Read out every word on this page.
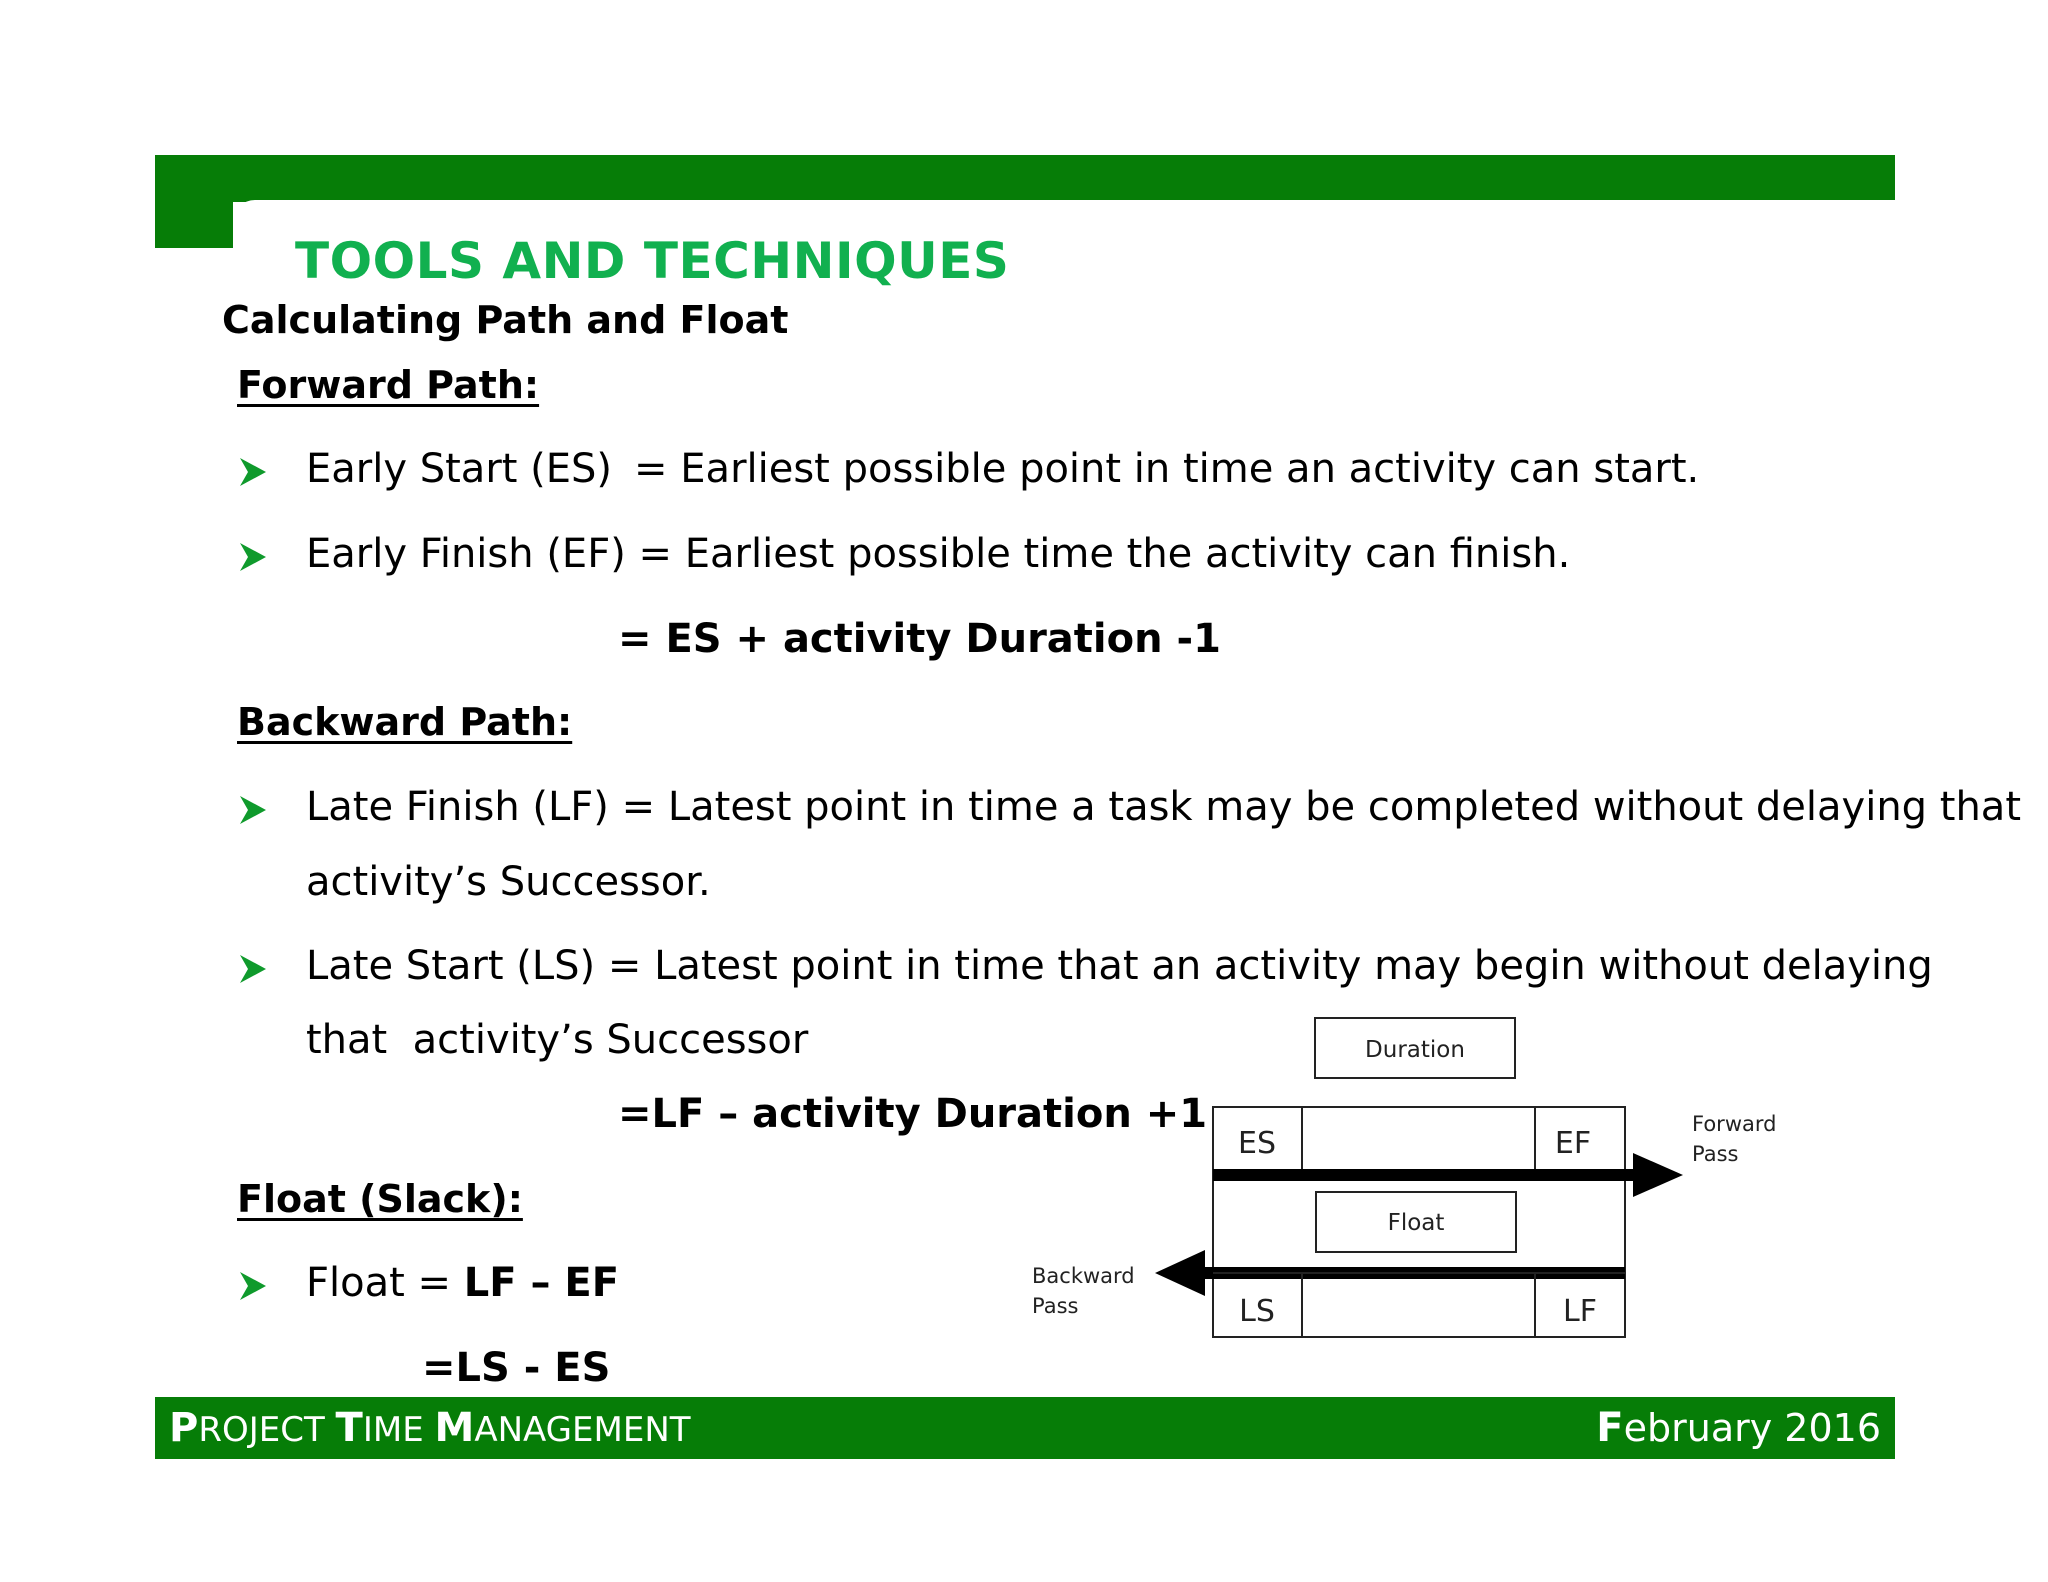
TOOLS AND TECHNIQUES
Calculating Path and Float
Forward Path:
Early Start (ES) = Earliest possible point in time an activity can start.
Early Finish (EF) = Earliest possible time the activity can finish.
= ES + activity Duration -1
Backward Path:
Late Finish (LF) = Latest point in time a task may be completed without delaying that
activity’s Successor.
Late Start (LS) = Latest point in time that an activity may begin without delaying
that  activity’s Successor
=LF – activity Duration +1
Float (Slack):
Float = LF – EF
=LS - ES
Duration
ES	EF
Float
LS	LF
Forward
Pass
Backward
Pass
PROJECT TIME MANAGEMENT	February 2016
